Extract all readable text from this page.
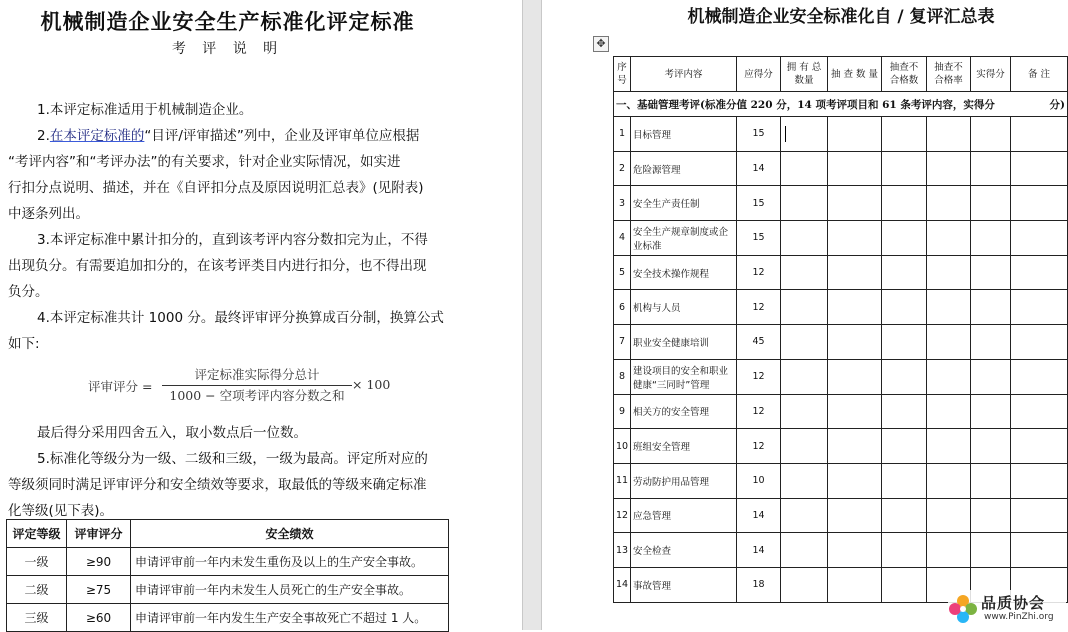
机械制造企业安全生产标准化评定标准
考 评 说 明
1.本评定标准适用于机械制造企业。
2.在本评定标准的“目评/评审描述”列中，企业及评审单位应根据
“考评内容”和“考评办法”的有关要求，针对企业实际情况，如实进
行扣分点说明、描述，并在《自评扣分点及原因说明汇总表》(见附表)
中逐条列出。
3.本评定标准中累计扣分的，直到该考评内容分数扣完为止，不得
出现负分。有需要追加扣分的，在该考评类目内进行扣分，也不得出现
负分。
4.本评定标准共计 1000 分。最终评审评分换算成百分制，换算公式
如下:
评审评分 =
评定标准实际得分总计
1000 − 空项考评内容分数之和
× 100
最后得分采用四舍五入，取小数点后一位数。
5.标准化等级分为一级、二级和三级，一级为最高。评定所对应的
等级须同时满足评审评分和安全绩效等要求，取最低的等级来确定标准
化等级(见下表)。
评定等级	评审评分	安全绩效
一级	≥90	申请评审前一年内未发生重伤及以上的生产安全事故。
二级	≥75	申请评审前一年内未发生人员死亡的生产安全事故。
三级	≥60	申请评审前一年内发生生产安全事故死亡不超过 1 人。
机械制造企业安全标准化自 / 复评汇总表
✥
序号	考评内容	应得分	拥 有 总数量	抽 查 数 量	抽查不 合格数	抽查不 合格率	实得分	备 注
一、基础管理考评(标准分值 220 分，14 项考评项目和 61 条考评内容，实得分 分)								

1	目标管理	15						
2	危险源管理	14						
3	安全生产责任制	15						
4	安全生产规章制度或企业标准	15						
5	安全技术操作规程	12						
6	机构与人员	12						
7	职业安全健康培训	45						
8	建设项目的安全和职业健康“三同时”管理	12						
9	相关方的安全管理	12						
10	班组安全管理	12						
11	劳动防护用品管理	10						
12	应急管理	14						
13	安全检查	14						
14	事故管理	18						
品质协会
www.PinZhi.org
